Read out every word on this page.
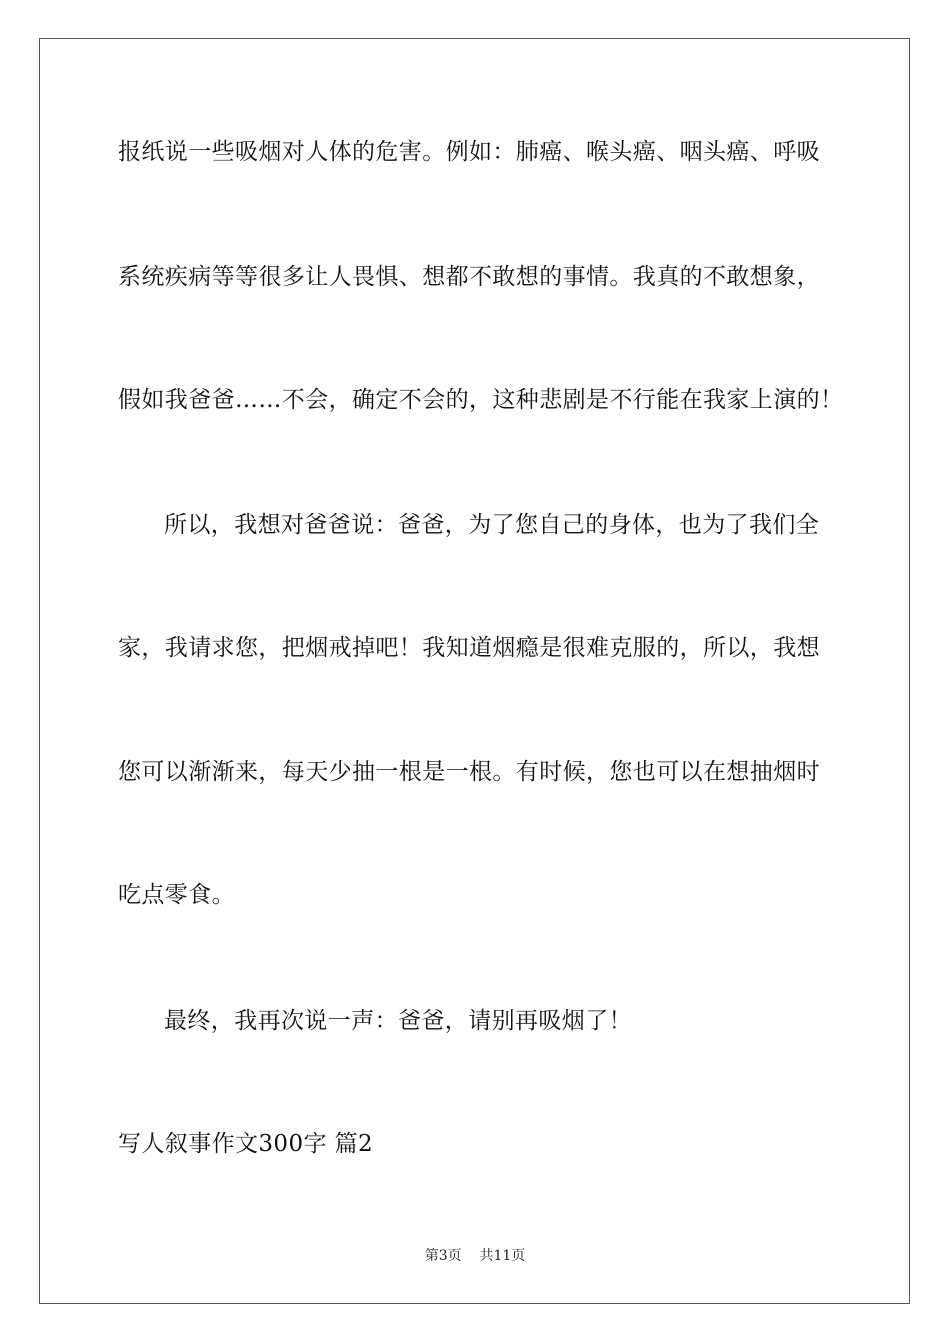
报纸说一些吸烟对人体的危害。例如：肺癌、喉头癌、咽头癌、呼吸
系统疾病等等很多让人畏惧、想都不敢想的事情。我真的不敢想象，
假如我爸爸……不会，确定不会的，这种悲剧是不行能在我家上演的！
所以，我想对爸爸说：爸爸，为了您自己的身体，也为了我们全
家，我请求您，把烟戒掉吧！我知道烟瘾是很难克服的，所以，我想
您可以渐渐来，每天少抽一根是一根。有时候，您也可以在想抽烟时
吃点零食。
最终，我再次说一声：爸爸，请别再吸烟了！
写人叙事作文300字 篇2
第3页    共11页
